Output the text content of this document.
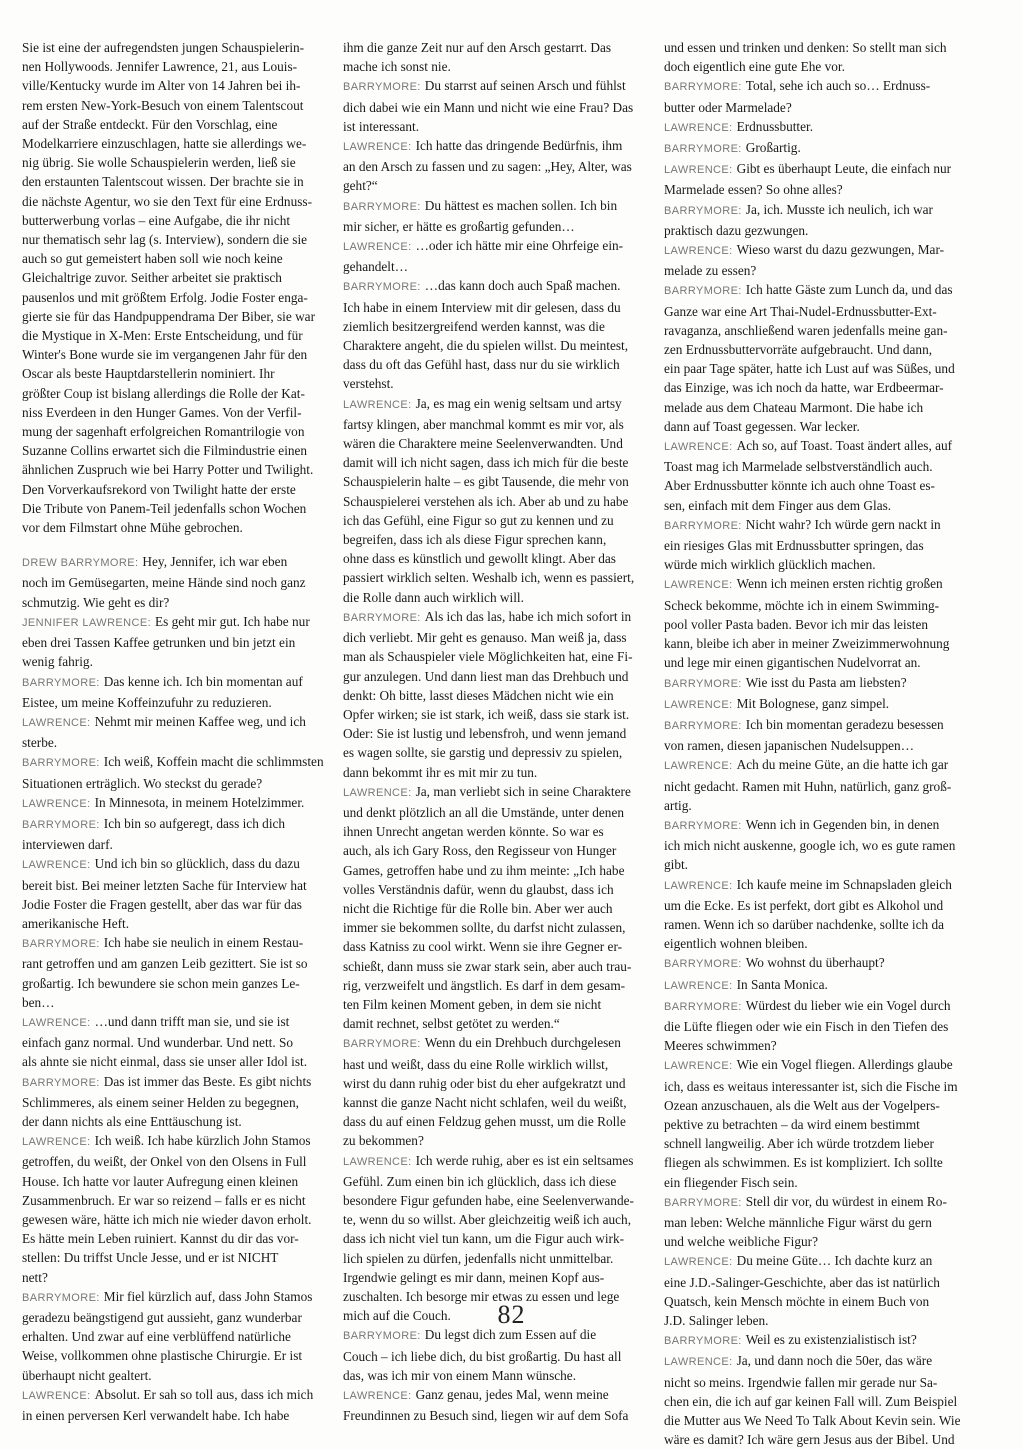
Sie ist eine der aufregendsten jungen Schauspielerin-

nen Hollywoods. Jennifer Lawrence, 21, aus Louis-

ville/Kentucky wurde im Alter von 14 Jahren bei ih-

rem ersten New-York-Besuch von einem Talentscout

auf der Straße entdeckt. Für den Vorschlag, eine

Modelkarriere einzuschlagen, hatte sie allerdings we-

nig übrig. Sie wolle Schauspielerin werden, ließ sie

den erstaunten Talentscout wissen. Der brachte sie in

die nächste Agentur, wo sie den Text für eine Erdnuss-

butterwerbung vorlas – eine Aufgabe, die ihr nicht

nur thematisch sehr lag (s. Interview), sondern die sie

auch so gut gemeistert haben soll wie noch keine

Gleichaltrige zuvor. Seither arbeitet sie praktisch

pausenlos und mit größtem Erfolg. Jodie Foster enga-

gierte sie für das Handpuppendrama Der Biber, sie war

die Mystique in X-Men: Erste Entscheidung, und für

Winter's Bone wurde sie im vergangenen Jahr für den

Oscar als beste Hauptdarstellerin nominiert. Ihr

größter Coup ist bislang allerdings die Rolle der Kat-

niss Everdeen in den Hunger Games. Von der Verfil-

mung der sagenhaft erfolgreichen Romantrilogie von

Suzanne Collins erwartet sich die Filmindustrie einen

ähnlichen Zuspruch wie bei Harry Potter und Twilight.

Den Vorverkaufsrekord von Twilight hatte der erste

Die Tribute von Panem-Teil jedenfalls schon Wochen

vor dem Filmstart ohne Mühe gebrochen.

DREW BARRYMORE: Hey, Jennifer, ich war eben

noch im Gemüsegarten, meine Hände sind noch ganz

schmutzig. Wie geht es dir?

JENNIFER LAWRENCE: Es geht mir gut. Ich habe nur

eben drei Tassen Kaffee getrunken und bin jetzt ein

wenig fahrig.

BARRYMORE: Das kenne ich. Ich bin momentan auf

Eistee, um meine Koffeinzufuhr zu reduzieren.

LAWRENCE: Nehmt mir meinen Kaffee weg, und ich

sterbe.

BARRYMORE: Ich weiß, Koffein macht die schlimmsten

Situationen erträglich. Wo steckst du gerade?

LAWRENCE: In Minnesota, in meinem Hotelzimmer.

BARRYMORE: Ich bin so aufgeregt, dass ich dich

interviewen darf.

LAWRENCE: Und ich bin so glücklich, dass du dazu

bereit bist. Bei meiner letzten Sache für Interview hat

Jodie Foster die Fragen gestellt, aber das war für das

amerikanische Heft.

BARRYMORE: Ich habe sie neulich in einem Restau-

rant getroffen und am ganzen Leib gezittert. Sie ist so

großartig. Ich bewundere sie schon mein ganzes Le-

ben…

LAWRENCE: …und dann trifft man sie, und sie ist

einfach ganz normal. Und wunderbar. Und nett. So

als ahnte sie nicht einmal, dass sie unser aller Idol ist.

BARRYMORE: Das ist immer das Beste. Es gibt nichts

Schlimmeres, als einem seiner Helden zu begegnen,

der dann nichts als eine Enttäuschung ist.

LAWRENCE: Ich weiß. Ich habe kürzlich John Stamos

getroffen, du weißt, der Onkel von den Olsens in Full

House. Ich hatte vor lauter Aufregung einen kleinen

Zusammenbruch. Er war so reizend – falls er es nicht

gewesen wäre, hätte ich mich nie wieder davon erholt.

Es hätte mein Leben ruiniert. Kannst du dir das vor-

stellen: Du triffst Uncle Jesse, und er ist NICHT

nett?

BARRYMORE: Mir fiel kürzlich auf, dass John Stamos

geradezu beängstigend gut aussieht, ganz wunderbar

erhalten. Und zwar auf eine verblüffend natürliche

Weise, vollkommen ohne plastische Chirurgie. Er ist

überhaupt nicht gealtert.

LAWRENCE: Absolut. Er sah so toll aus, dass ich mich

in einen perversen Kerl verwandelt habe. Ich habe

ihm die ganze Zeit nur auf den Arsch gestarrt. Das

mache ich sonst nie.

BARRYMORE: Du starrst auf seinen Arsch und fühlst

dich dabei wie ein Mann und nicht wie eine Frau? Das

ist interessant.

LAWRENCE: Ich hatte das dringende Bedürfnis, ihm

an den Arsch zu fassen und zu sagen: „Hey, Alter, was

geht?“

BARRYMORE: Du hättest es machen sollen. Ich bin

mir sicher, er hätte es großartig gefunden…

LAWRENCE: …oder ich hätte mir eine Ohrfeige ein-

gehandelt…

BARRYMORE: …das kann doch auch Spaß machen.

Ich habe in einem Interview mit dir gelesen, dass du

ziemlich besitzergreifend werden kannst, was die

Charaktere angeht, die du spielen willst. Du meintest,

dass du oft das Gefühl hast, dass nur du sie wirklich

verstehst.

LAWRENCE: Ja, es mag ein wenig seltsam und artsy

fartsy klingen, aber manchmal kommt es mir vor, als

wären die Charaktere meine Seelenverwandten. Und

damit will ich nicht sagen, dass ich mich für die beste

Schauspielerin halte – es gibt Tausende, die mehr von

Schauspielerei verstehen als ich. Aber ab und zu habe

ich das Gefühl, eine Figur so gut zu kennen und zu

begreifen, dass ich als diese Figur sprechen kann,

ohne dass es künstlich und gewollt klingt. Aber das

passiert wirklich selten. Weshalb ich, wenn es passiert,

die Rolle dann auch wirklich will.

BARRYMORE: Als ich das las, habe ich mich sofort in

dich verliebt. Mir geht es genauso. Man weiß ja, dass

man als Schauspieler viele Möglichkeiten hat, eine Fi-

gur anzulegen. Und dann liest man das Drehbuch und

denkt: Oh bitte, lasst dieses Mädchen nicht wie ein

Opfer wirken; sie ist stark, ich weiß, dass sie stark ist.

Oder: Sie ist lustig und lebensfroh, und wenn jemand

es wagen sollte, sie garstig und depressiv zu spielen,

dann bekommt ihr es mit mir zu tun.

LAWRENCE: Ja, man verliebt sich in seine Charaktere

und denkt plötzlich an all die Umstände, unter denen

ihnen Unrecht angetan werden könnte. So war es

auch, als ich Gary Ross, den Regisseur von Hunger

Games, getroffen habe und zu ihm meinte: „Ich habe

volles Verständnis dafür, wenn du glaubst, dass ich

nicht die Richtige für die Rolle bin. Aber wer auch

immer sie bekommen sollte, du darfst nicht zulassen,

dass Katniss zu cool wirkt. Wenn sie ihre Gegner er-

schießt, dann muss sie zwar stark sein, aber auch trau-

rig, verzweifelt und ängstlich. Es darf in dem gesam-

ten Film keinen Moment geben, in dem sie nicht

damit rechnet, selbst getötet zu werden.“

BARRYMORE: Wenn du ein Drehbuch durchgelesen

hast und weißt, dass du eine Rolle wirklich willst,

wirst du dann ruhig oder bist du eher aufgekratzt und

kannst die ganze Nacht nicht schlafen, weil du weißt,

dass du auf einen Feldzug gehen musst, um die Rolle

zu bekommen?

LAWRENCE: Ich werde ruhig, aber es ist ein seltsames

Gefühl. Zum einen bin ich glücklich, dass ich diese

besondere Figur gefunden habe, eine Seelenverwande-

te, wenn du so willst. Aber gleichzeitig weiß ich auch,

dass ich nicht viel tun kann, um die Figur auch wirk-

lich spielen zu dürfen, jedenfalls nicht unmittelbar.

Irgendwie gelingt es mir dann, meinen Kopf aus-

zuschalten. Ich besorge mir etwas zu essen und lege

mich auf die Couch.

BARRYMORE: Du legst dich zum Essen auf die

Couch – ich liebe dich, du bist großartig. Du hast all

das, was ich mir von einem Mann wünsche.

LAWRENCE: Ganz genau, jedes Mal, wenn meine

Freundinnen zu Besuch sind, liegen wir auf dem Sofa

und essen und trinken und denken: So stellt man sich

doch eigentlich eine gute Ehe vor.

BARRYMORE: Total, sehe ich auch so… Erdnuss-

butter oder Marmelade?

LAWRENCE: Erdnussbutter.

BARRYMORE: Großartig.

LAWRENCE: Gibt es überhaupt Leute, die einfach nur

Marmelade essen? So ohne alles?

BARRYMORE: Ja, ich. Musste ich neulich, ich war

praktisch dazu gezwungen.

LAWRENCE: Wieso warst du dazu gezwungen, Mar-

melade zu essen?

BARRYMORE: Ich hatte Gäste zum Lunch da, und das

Ganze war eine Art Thai-Nudel-Erdnussbutter-Ext-

ravaganza, anschließend waren jedenfalls meine gan-

zen Erdnussbuttervorräte aufgebraucht. Und dann,

ein paar Tage später, hatte ich Lust auf was Süßes, und

das Einzige, was ich noch da hatte, war Erdbeermar-

melade aus dem Chateau Marmont. Die habe ich

dann auf Toast gegessen. War lecker.

LAWRENCE: Ach so, auf Toast. Toast ändert alles, auf

Toast mag ich Marmelade selbstverständlich auch.

Aber Erdnussbutter könnte ich auch ohne Toast es-

sen, einfach mit dem Finger aus dem Glas.

BARRYMORE: Nicht wahr? Ich würde gern nackt in

ein riesiges Glas mit Erdnussbutter springen, das

würde mich wirklich glücklich machen.

LAWRENCE: Wenn ich meinen ersten richtig großen

Scheck bekomme, möchte ich in einem Swimming-

pool voller Pasta baden. Bevor ich mir das leisten

kann, bleibe ich aber in meiner Zweizimmerwohnung

und lege mir einen gigantischen Nudelvorrat an.

BARRYMORE: Wie isst du Pasta am liebsten?

LAWRENCE: Mit Bolognese, ganz simpel.

BARRYMORE: Ich bin momentan geradezu besessen

von ramen, diesen japanischen Nudelsuppen…

LAWRENCE: Ach du meine Güte, an die hatte ich gar

nicht gedacht. Ramen mit Huhn, natürlich, ganz groß-

artig.

BARRYMORE: Wenn ich in Gegenden bin, in denen

ich mich nicht auskenne, google ich, wo es gute ramen

gibt.

LAWRENCE: Ich kaufe meine im Schnapsladen gleich

um die Ecke. Es ist perfekt, dort gibt es Alkohol und

ramen. Wenn ich so darüber nachdenke, sollte ich da

eigentlich wohnen bleiben.

BARRYMORE: Wo wohnst du überhaupt?

LAWRENCE: In Santa Monica.

BARRYMORE: Würdest du lieber wie ein Vogel durch

die Lüfte fliegen oder wie ein Fisch in den Tiefen des

Meeres schwimmen?

LAWRENCE: Wie ein Vogel fliegen. Allerdings glaube

ich, dass es weitaus interessanter ist, sich die Fische im

Ozean anzuschauen, als die Welt aus der Vogelpers-

pektive zu betrachten – da wird einem bestimmt

schnell langweilig. Aber ich würde trotzdem lieber

fliegen als schwimmen. Es ist kompliziert. Ich sollte

ein fliegender Fisch sein.

BARRYMORE: Stell dir vor, du würdest in einem Ro-

man leben: Welche männliche Figur wärst du gern

und welche weibliche Figur?

LAWRENCE: Du meine Güte… Ich dachte kurz an

eine J.D.-Salinger-Geschichte, aber das ist natürlich

Quatsch, kein Mensch möchte in einem Buch von

J.D. Salinger leben.

BARRYMORE: Weil es zu existenzialistisch ist?

LAWRENCE: Ja, und dann noch die 50er, das wäre

nicht so meins. Irgendwie fallen mir gerade nur Sa-

chen ein, die ich auf gar keinen Fall will. Zum Beispiel

die Mutter aus We Need To Talk About Kevin sein. Wie

wäre es damit? Ich wäre gern Jesus aus der Bibel. Und

82
